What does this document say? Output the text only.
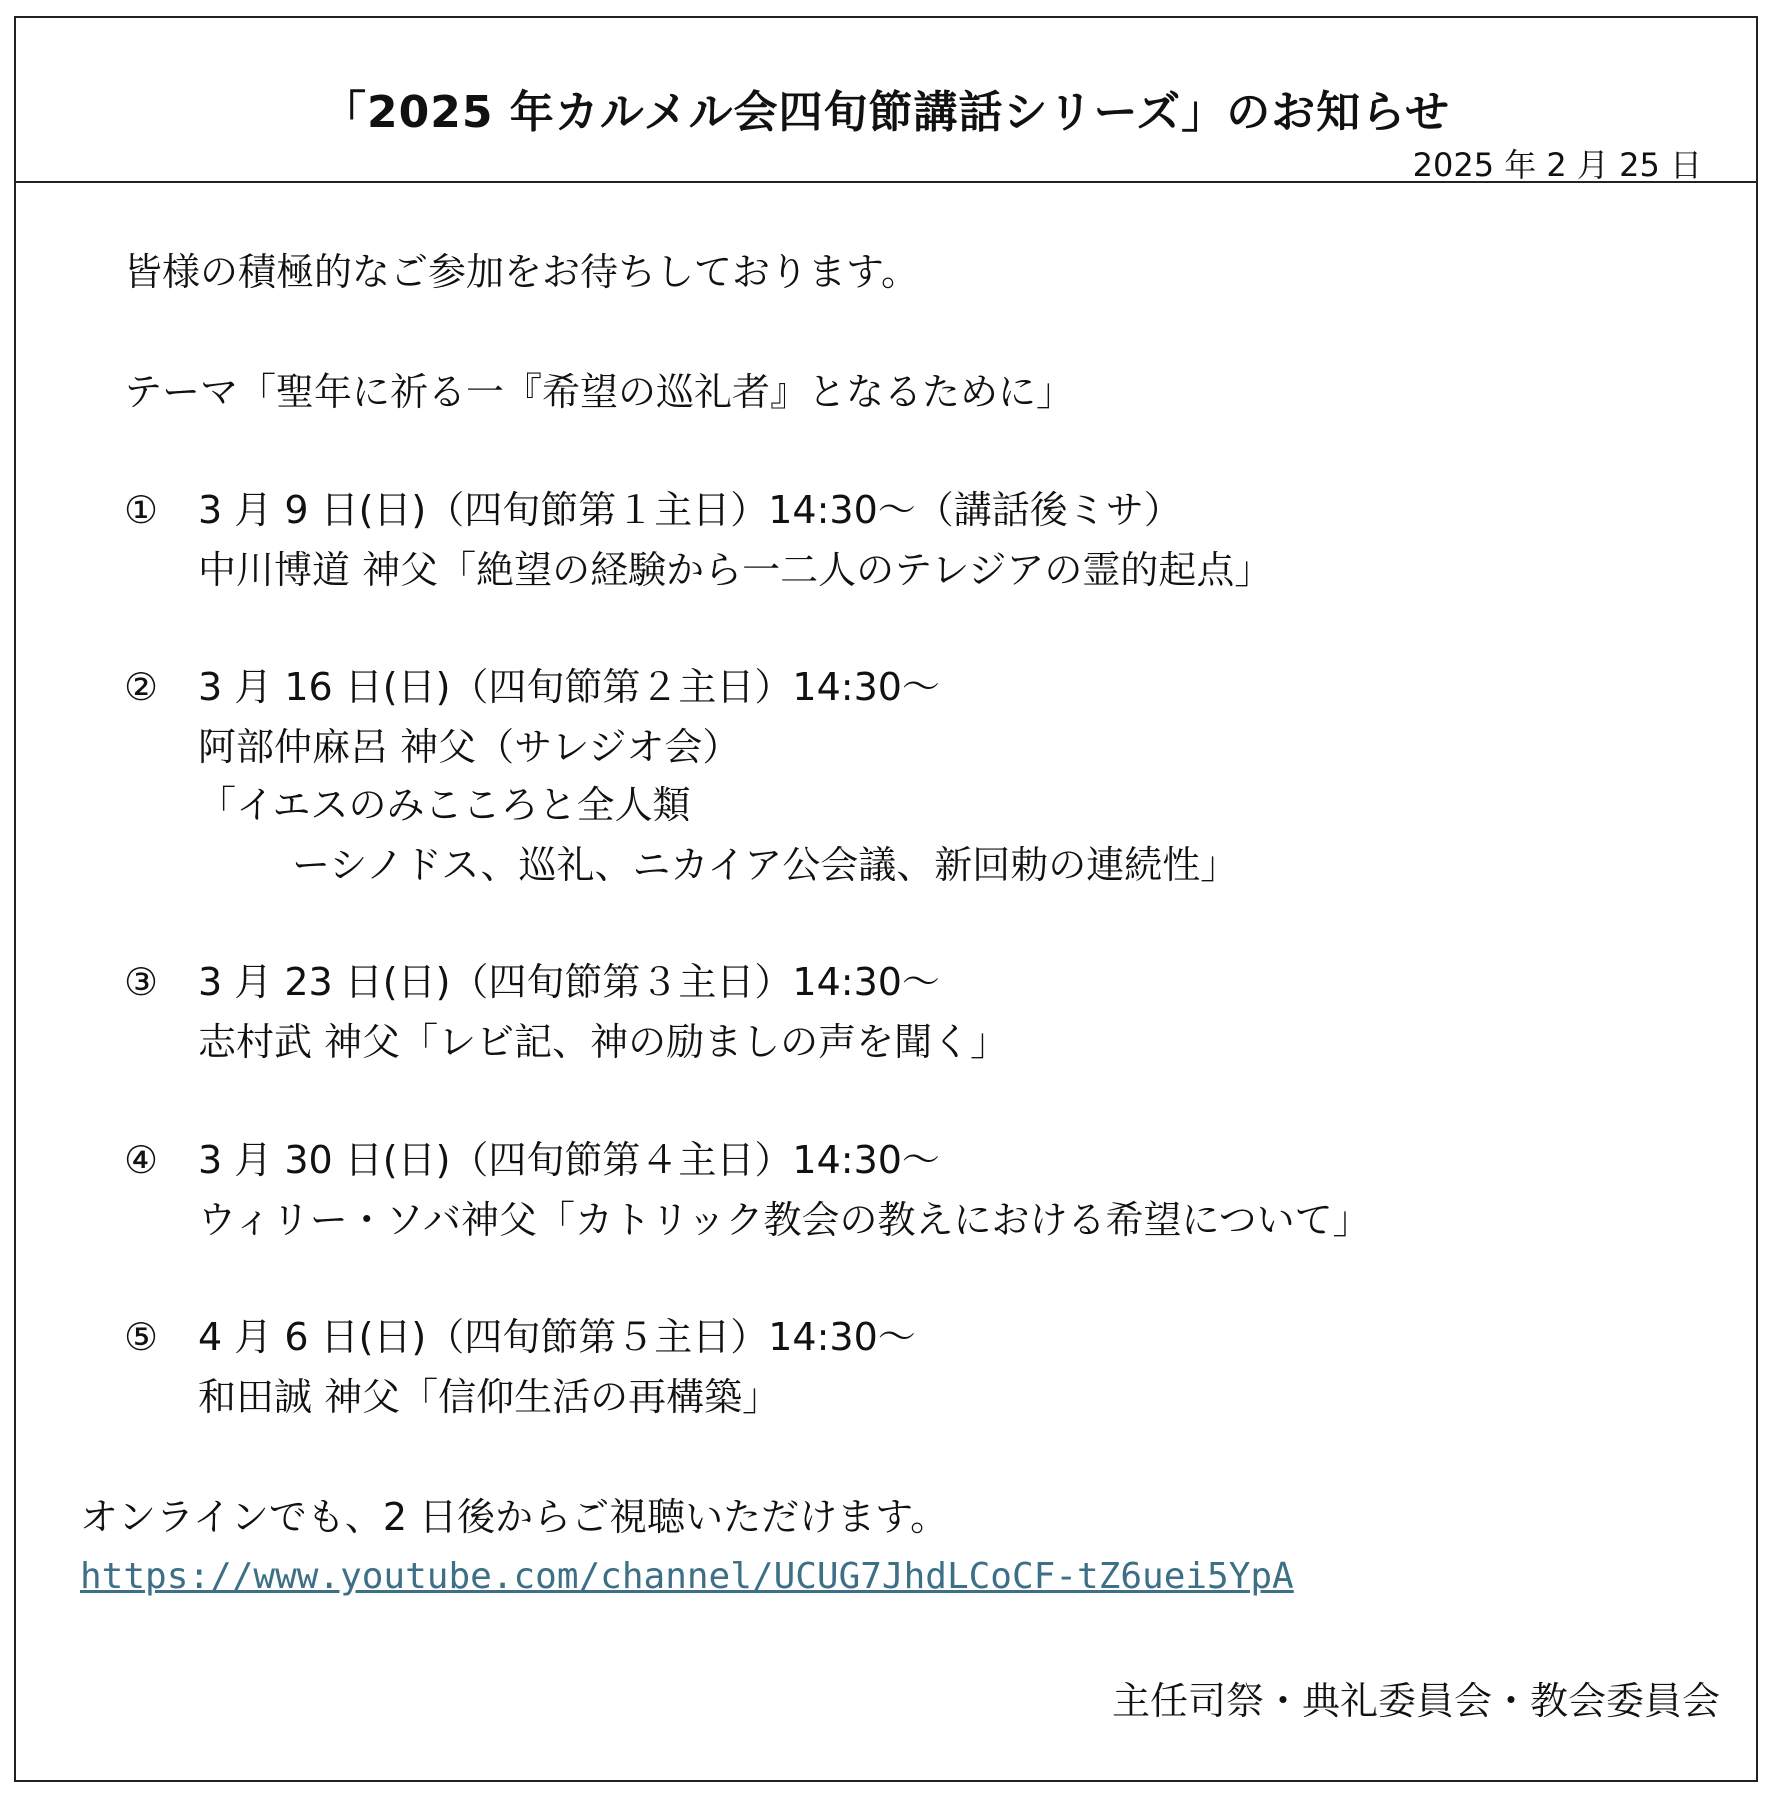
「2025 年カルメル会四旬節講話シリーズ」のお知らせ
2025 年 2 月 25 日
皆様の積極的なご参加をお待ちしております。
テーマ「聖年に祈る一『希望の巡礼者』となるために」
① 3 月 9 日(日)（四旬節第１主日）14:30～（講話後ミサ）
中川博道 神父「絶望の経験から一二人のテレジアの霊的起点」
② 3 月 16 日(日)（四旬節第２主日）14:30～
阿部仲麻呂 神父（サレジオ会）
「イエスのみこころと全人類
ーシノドス、巡礼、ニカイア公会議、新回勅の連続性」
③ 3 月 23 日(日)（四旬節第３主日）14:30～
志村武 神父「レビ記、神の励ましの声を聞く」
④ 3 月 30 日(日)（四旬節第４主日）14:30～
ウィリー・ソバ神父「カトリック教会の教えにおける希望について」
⑤ 4 月 6 日(日)（四旬節第５主日）14:30～
和田誠 神父「信仰生活の再構築」
オンラインでも、2 日後からご視聴いただけます。
https://www.youtube.com/channel/UCUG7JhdLCoCF-tZ6uei5YpA
主任司祭・典礼委員会・教会委員会
